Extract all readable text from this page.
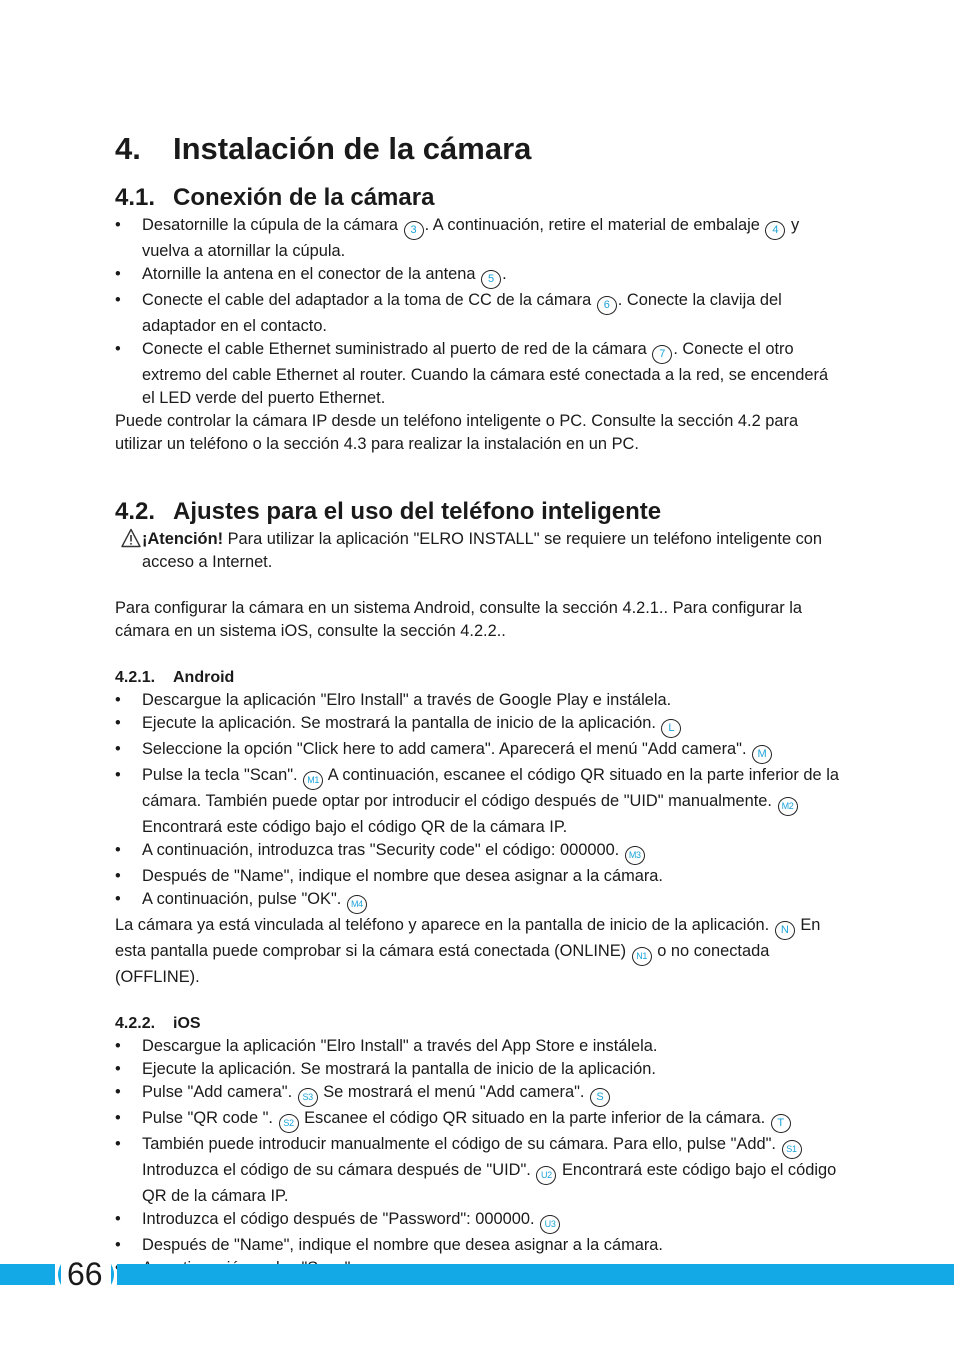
4. Instalación de la cámara
4.1. Conexión de la cámara
• Desatornille la cúpula de la cámara 3 . A continuación, retire el material de embalaje 4 y vuelva a atornillar la cúpula.
• Atornille la antena en el conector de la antena 5 .
• Conecte el cable del adaptador a la toma de CC de la cámara 6 . Conecte la clavija del adaptador en el contacto.
• Conecte el cable Ethernet suministrado al puerto de red de la cámara 7 . Conecte el otro extremo del cable Ethernet al router. Cuando la cámara esté conectada a la red, se encenderá el LED verde del puerto Ethernet.

Puede controlar la cámara IP desde un teléfono inteligente o PC. Consulte la sección 4.2 para utilizar un teléfono o la sección 4.3 para realizar la instalación en un PC.

4.2. Ajustes para el uso del teléfono inteligente

¡Atención! Para utilizar la aplicación "ELRO INSTALL" se requiere un teléfono inteligente con acceso a Internet.

Para configurar la cámara en un sistema Android, consulte la sección 4.2.1.. Para configurar la cámara en un sistema iOS, consulte la sección 4.2.2..

4.2.1. Android
• Descargue la aplicación "Elro Install" a través de Google Play e instálela.
• Ejecute la aplicación. Se mostrará la pantalla de inicio de la aplicación. L
• Seleccione la opción "Click here to add camera". Aparecerá el menú "Add camera". M
• Pulse la tecla "Scan". M1 A continuación, escanee el código QR situado en la parte inferior de la cámara. También puede optar por introducir el código después de "UID" manualmente. M2 Encontrará este código bajo el código QR de la cámara IP.
• A continuación, introduzca tras "Security code" el código: 000000. M3
• Después de "Name", indique el nombre que desea asignar a la cámara.
• A continuación, pulse "OK". M4

La cámara ya está vinculada al teléfono y aparece en la pantalla de inicio de la aplicación. N En esta pantalla puede comprobar si la cámara está conectada (ONLINE) N1 o no conectada (OFFLINE).

4.2.2. iOS
• Descargue la aplicación "Elro Install" a través del App Store e instálela.
• Ejecute la aplicación. Se mostrará la pantalla de inicio de la aplicación.
• Pulse "Add camera". S3 Se mostrará el menú "Add camera". S
• Pulse "QR code ". S2 Escanee el código QR situado en la parte inferior de la cámara. T
• También puede introducir manualmente el código de su cámara. Para ello, pulse "Add". S1 Introduzca el código de su cámara después de "UID". U2 Encontrará este código bajo el código QR de la cámara IP.
• Introduzca el código después de "Password": 000000. U3
• Después de "Name", indique el nombre que desea asignar a la cámara.
•
66
